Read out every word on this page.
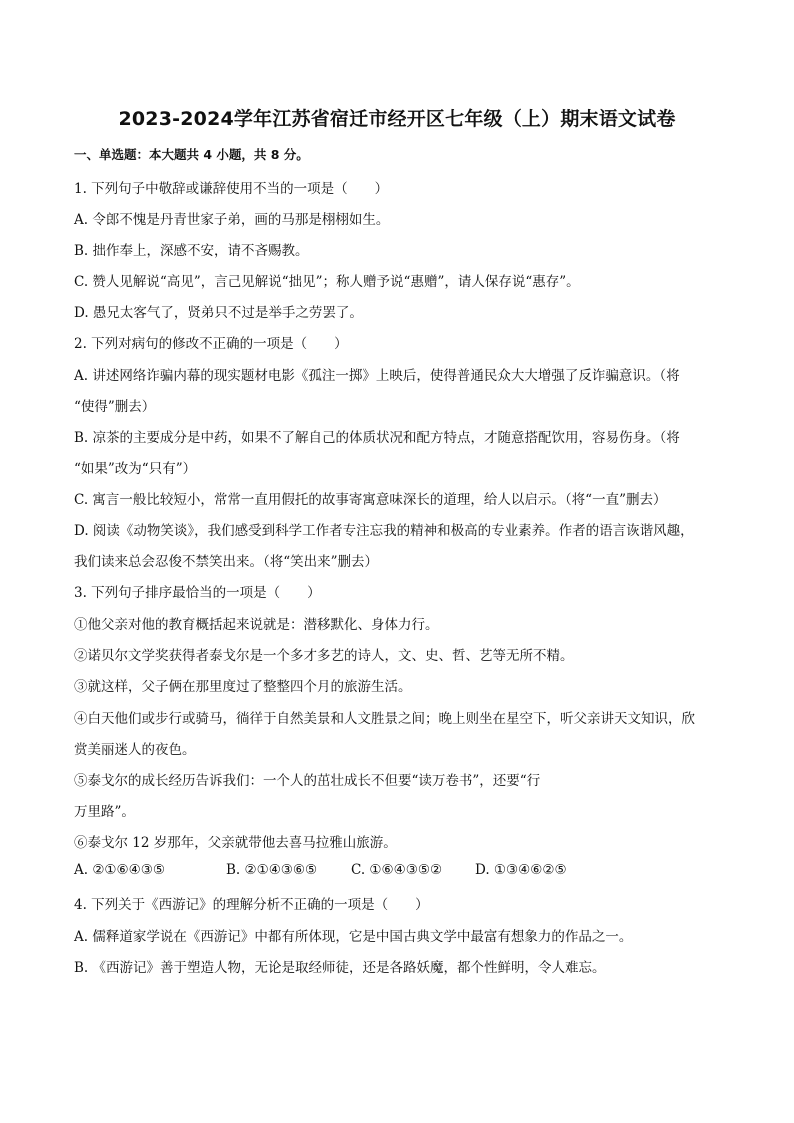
2023-2024学年江苏省宿迁市经开区七年级（上）期末语文试卷
一、单选题：本大题共 4 小题，共 8 分。
1. 下列句子中敬辞或谦辞使用不当的一项是（　　）
A. 令郎不愧是丹青世家子弟，画的马那是栩栩如生。
B. 拙作奉上，深感不安，请不吝赐教。
C. 赞人见解说“高见”，言己见解说“拙见”；称人赠予说“惠赠”，请人保存说“惠存”。
D. 愚兄太客气了，贤弟只不过是举手之劳罢了。
2. 下列对病句的修改不正确的一项是（　　）
A. 讲述网络诈骗内幕的现实题材电影《孤注一掷》上映后，使得普通民众大大增强了反诈骗意识。（将
“使得”删去）
B. 凉茶的主要成分是中药，如果不了解自己的体质状况和配方特点，才随意搭配饮用，容易伤身。（将
“如果”改为“只有”）
C. 寓言一般比较短小，常常一直用假托的故事寄寓意味深长的道理，给人以启示。（将“一直”删去）
D. 阅读《动物笑谈》，我们感受到科学工作者专注忘我的精神和极高的专业素养。作者的语言诙谐风趣，
我们读来总会忍俊不禁笑出来。（将“笑出来”删去）
3. 下列句子排序最恰当的一项是（　　）
①他父亲对他的教育概括起来说就是：潜移默化、身体力行。
②诺贝尔文学奖获得者泰戈尔是一个多才多艺的诗人，文、史、哲、艺等无所不精。
③就这样，父子俩在那里度过了整整四个月的旅游生活。
④白天他们或步行或骑马，徜徉于自然美景和人文胜景之间；晚上则坐在星空下，听父亲讲天文知识，欣
赏美丽迷人的夜色。
⑤泰戈尔的成长经历告诉我们：一个人的茁壮成长不但要“读万卷书”，还要“行
万里路”。
⑥泰戈尔 12 岁那年，父亲就带他去喜马拉雅山旅游。
A. ②①⑥④③⑤	B. ②①④③⑥⑤	C. ①⑥④③⑤② D. ①③④⑥②⑤
4. 下列关于《西游记》的理解分析不正确的一项是（　　）
A. 儒释道家学说在《西游记》中都有所体现，它是中国古典文学中最富有想象力的作品之一。
B. 《西游记》善于塑造人物，无论是取经师徒，还是各路妖魔，都个性鲜明，令人难忘。
